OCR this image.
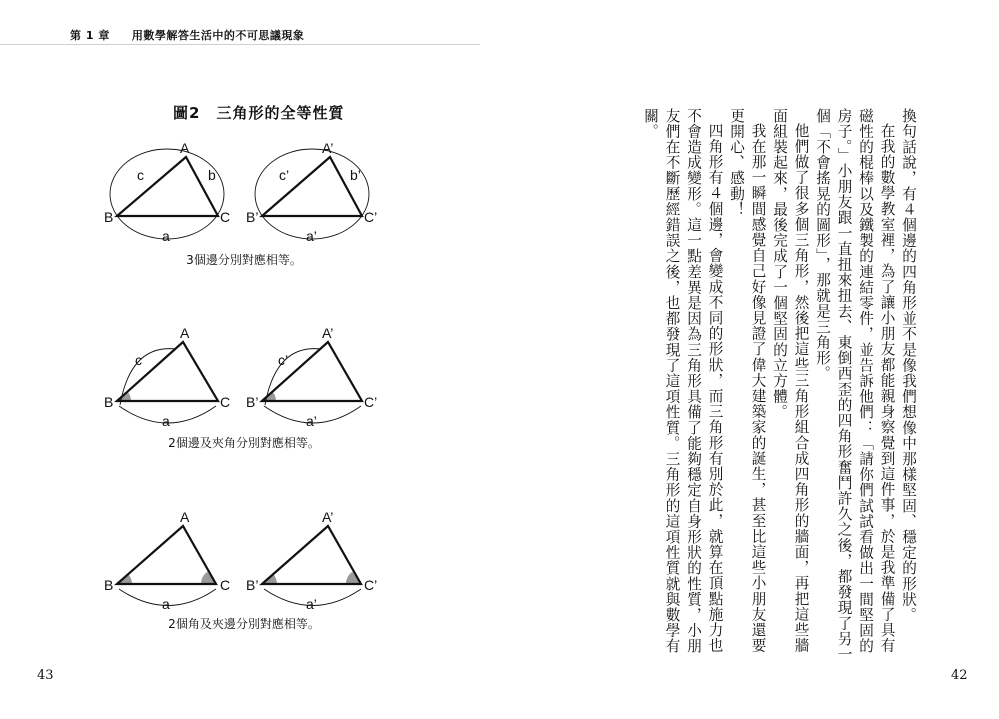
第 1 章 用數學解答生活中的不可思議現象
圖2 三角形的全等性質
A
B	C
c	b
a
A’
B’	C’
c’	b’
a’
A
B	C
c
a
A’
B’	C’
c’
a’
A
B	C
a
A’
B’	C’
a’
3個邊分別對應相等。
2個邊及夾角分別對應相等。
2個角及夾邊分別對應相等。
43

換句話說，有４個邊的四角形並不是像我們想像中那樣堅固、穩定的形狀。

在我的數學教室裡，為了讓小朋友都能親身察覺到這件事，於是我準備了具有磁性的棍棒以及鐵製的連結零件，並告訴他們：「請你們試試看做出一間堅固的房子。」小朋友跟一直扭來扭去、東倒西歪的四角形奮鬥許久之後，都發現了另一個「不會搖晃的圖形」，那就是三角形。

他們做了很多個三角形，然後把這些三角形組合成四角形的牆面，再把這些牆面組裝起來，最後完成了一個堅固的立方體。

我在那一瞬間感覺自己好像見證了偉大建築家的誕生，甚至比這些小朋友還要更開心、感動！

四角形有４個邊，會變成不同的形狀，而三角形有別於此，就算在頂點施力也不會造成變形。這一點差異是因為三角形具備了能夠穩定自身形狀的性質，小朋友們在不斷歷經錯誤之後，也都發現了這項性質。三角形的這項性質就與數學有關。

42
